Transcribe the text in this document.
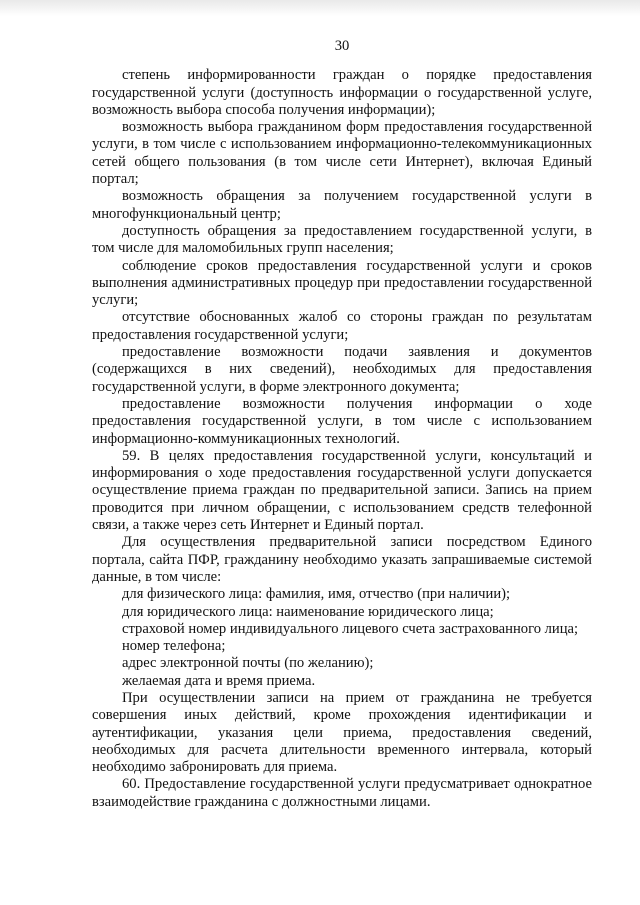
30

степень информированности граждан о порядке предоставления государственной услуги (доступность информации о государственной услуге, возможность выбора способа получения информации);

возможность выбора гражданином форм предоставления государственной услуги, в том числе с использованием информационно-телекоммуникационных сетей общего пользования (в том числе сети Интернет), включая Единый портал;

возможность обращения за получением государственной услуги в многофункциональный центр;

доступность обращения за предоставлением государственной услуги, в том числе для маломобильных групп населения;

соблюдение сроков предоставления государственной услуги и сроков выполнения административных процедур при предоставлении государственной услуги;

отсутствие обоснованных жалоб со стороны граждан по результатам предоставления государственной услуги;

предоставление возможности подачи заявления и документов (содержащихся в них сведений), необходимых для предоставления государственной услуги, в форме электронного документа;

предоставление возможности получения информации о ходе предоставления государственной услуги, в том числе с использованием информационно-коммуникационных технологий.

59. В целях предоставления государственной услуги, консультаций и информирования о ходе предоставления государственной услуги допускается осуществление приема граждан по предварительной записи. Запись на прием проводится при личном обращении, с использованием средств телефонной связи, а также через сеть Интернет и Единый портал.

Для осуществления предварительной записи посредством Единого портала, сайта ПФР, гражданину необходимо указать запрашиваемые системой данные, в том числе:

для физического лица: фамилия, имя, отчество (при наличии);

для юридического лица: наименование юридического лица;

страховой номер индивидуального лицевого счета застрахованного лица;

номер телефона;

адрес электронной почты (по желанию);

желаемая дата и время приема.

При осуществлении записи на прием от гражданина не требуется совершения иных действий, кроме прохождения идентификации и аутентификации, указания цели приема, предоставления сведений, необходимых для расчета длительности временного интервала, который необходимо забронировать для приема.

60. Предоставление государственной услуги предусматривает однократное взаимодействие гражданина с должностными лицами.
